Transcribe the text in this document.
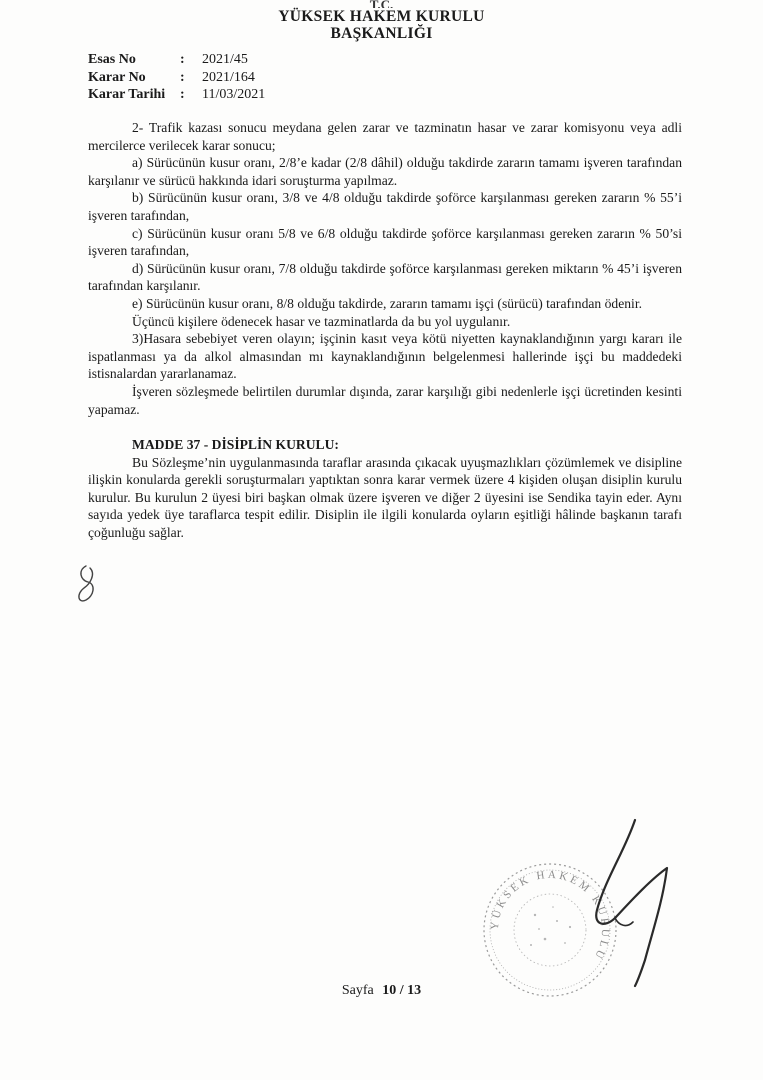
T.C.
YÜKSEK HAKEM KURULU
BAŞKANLIĞI
Esas No	:	2021/45
Karar No	:	2021/164
Karar Tarihi	:	11/03/2021

2- Trafik kazası sonucu meydana gelen zarar ve tazminatın hasar ve zarar komisyonu veya adli mercilerce verilecek karar sonucu;

a) Sürücünün kusur oranı, 2/8’e kadar (2/8 dâhil) olduğu takdirde zararın tamamı işveren tarafından karşılanır ve sürücü hakkında idari soruşturma yapılmaz.

b) Sürücünün kusur oranı, 3/8 ve 4/8 olduğu takdirde şoförce karşılanması gereken zararın % 55’i işveren tarafından,

c) Sürücünün kusur oranı 5/8 ve 6/8 olduğu takdirde şoförce karşılanması gereken zararın % 50’si işveren tarafından,

d) Sürücünün kusur oranı, 7/8 olduğu takdirde şoförce karşılanması gereken miktarın % 45’i işveren tarafından karşılanır.

e) Sürücünün kusur oranı, 8/8 olduğu takdirde, zararın tamamı işçi (sürücü) tarafından ödenir.

Üçüncü kişilere ödenecek hasar ve tazminatlarda da bu yol uygulanır.

3)Hasara sebebiyet veren olayın; işçinin kasıt veya kötü niyetten kaynaklandığının yargı kararı ile ispatlanması ya da alkol almasından mı kaynaklandığının belgelenmesi hallerinde işçi bu maddedeki istisnalardan yararlanamaz.

İşveren sözleşmede belirtilen durumlar dışında, zarar karşılığı gibi nedenlerle işçi ücretinden kesinti yapamaz.

MADDE 37 - DİSİPLİN KURULU:

Bu Sözleşme’nin uygulanmasında taraflar arasında çıkacak uyuşmazlıkları çözümlemek ve disipline ilişkin konularda gerekli soruşturmaları yaptıktan sonra karar vermek üzere 4 kişiden oluşan disiplin kurulu kurulur. Bu kurulun 2 üyesi biri başkan olmak üzere işveren ve diğer 2 üyesini ise Sendika tayin eder. Aynı sayıda yedek üye taraflarca tespit edilir. Disiplin ile ilgili konularda oyların eşitliği hâlinde başkanın tarafı çoğunluğu sağlar.

YÜKSEK HAKEM KURULU
Sayfa 10 / 13
